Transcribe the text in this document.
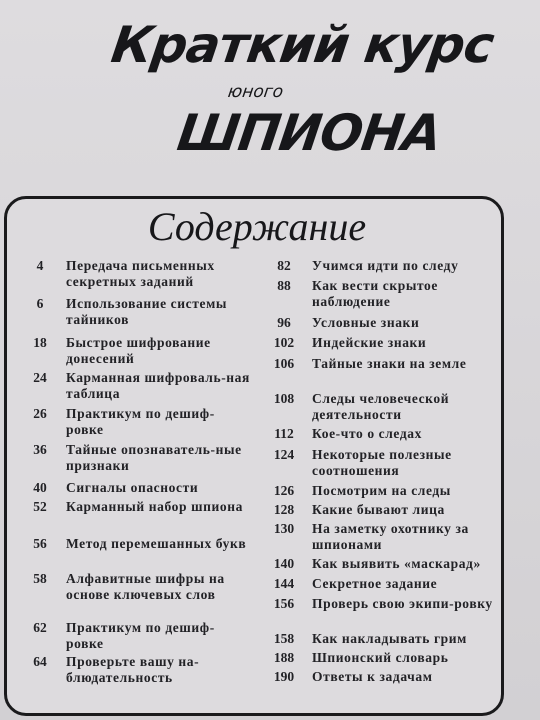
Краткий курс
юного
ШПИОНА
Содержание
4	Передача письменных секретных заданий
6	Использование системы тайников
18	Быстрое шифрование донесений
24	Карманная шифроваль-ная таблица
26	Практикум по дешиф-ровке
36	Тайные опознаватель-ные признаки
40	Сигналы опасности
52	Карманный набор шпиона
56	Метод перемешанных букв
58	Алфавитные шифры на основе ключевых слов
62	Практикум по дешиф-ровке
64	Проверьте вашу на-блюдательность
82	Учимся идти по следу
88	Как вести скрытое наблюдение
96	Условные знаки
102	Индейские знаки
106	Тайные знаки на земле
108	Следы человеческой деятельности
112	Кое-что о следах
124	Некоторые полезные соотношения
126	Посмотрим на следы
128	Какие бывают лица
130	На заметку охотнику за шпионами
140	Как выявить «маскарад»
144	Секретное задание
156	Проверь свою экипи-ровку
158	Как накладывать грим
188	Шпионский словарь
190	Ответы к задачам
